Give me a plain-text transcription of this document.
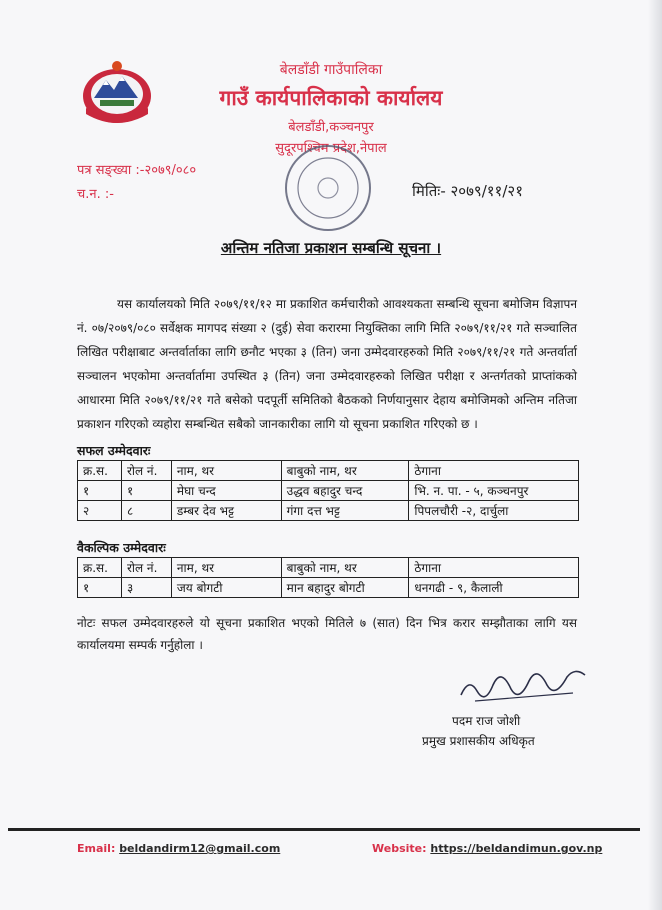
बेलडाँडी गाउँपालिका
गाउँ कार्यपालिकाको कार्यालय
बेलडाँडी,कञ्चनपुर
सुदूरपश्चिम प्रदेश,नेपाल
पत्र सङ्ख्या :-२०७९/०८०
च.न. :-	मितिः- २०७९/११/२१
अन्तिम नतिजा प्रकाशन सम्बन्धि सूचना ।
यस कार्यालयको मिति २०७९/११/१२ मा प्रकाशित कर्मचारीको आवश्यकता सम्बन्धि सूचना बमोजिम विज्ञापन नं. ०७/२०७९/०८० सर्वेक्षक मागपद संख्या २ (दुई) सेवा करारमा नियुक्तिका लागि मिति २०७९/११/२१ गते सञ्चालित लिखित परीक्षाबाट अन्तर्वार्ताका लागि छनौट भएका ३ (तिन) जना उम्मेदवारहरुको मिति २०७९/११/२१ गते अन्तर्वार्ता सञ्चालन भएकोमा अन्तर्वार्तामा उपस्थित ३ (तिन) जना उम्मेदवारहरुको लिखित परीक्षा र अन्तर्गतको प्राप्तांकको आधारमा मिति २०७९/११/२१ गते बसेको पदपूर्ती समितिको बैठकको निर्णयानुसार देहाय बमोजिमको अन्तिम नतिजा प्रकाशन गरिएको व्यहोरा सम्बन्धित सबैको जानकारीका लागि यो सूचना प्रकाशित गरिएको छ ।
सफल उम्मेदवारः
क्र.स.	रोल नं.	नाम, थर	बाबुको नाम, थर	ठेगाना
१	१	मेघा चन्द	उद्धव बहादुर चन्द	भि. न. पा. - ५, कञ्चनपुर
२	८	डम्बर देव भट्ट	गंगा दत्त भट्ट	पिपलचौरी -२, दार्चुला
वैकल्पिक उम्मेदवारः
क्र.स.	रोल नं.	नाम, थर	बाबुको नाम, थर	ठेगाना
१	३	जय बोगटी	मान बहादुर बोगटी	धनगढी - ९, कैलाली
नोटः सफल उम्मेदवारहरुले यो सूचना प्रकाशित भएको मितिले ७ (सात) दिन भित्र करार सम्झौताका लागि यस कार्यालयमा सम्पर्क गर्नुहोला ।
पदम राज जोशी
प्रमुख प्रशासकीय अधिकृत
Email: beldandirm12@gmail.com	Website: https://beldandimun.gov.np
